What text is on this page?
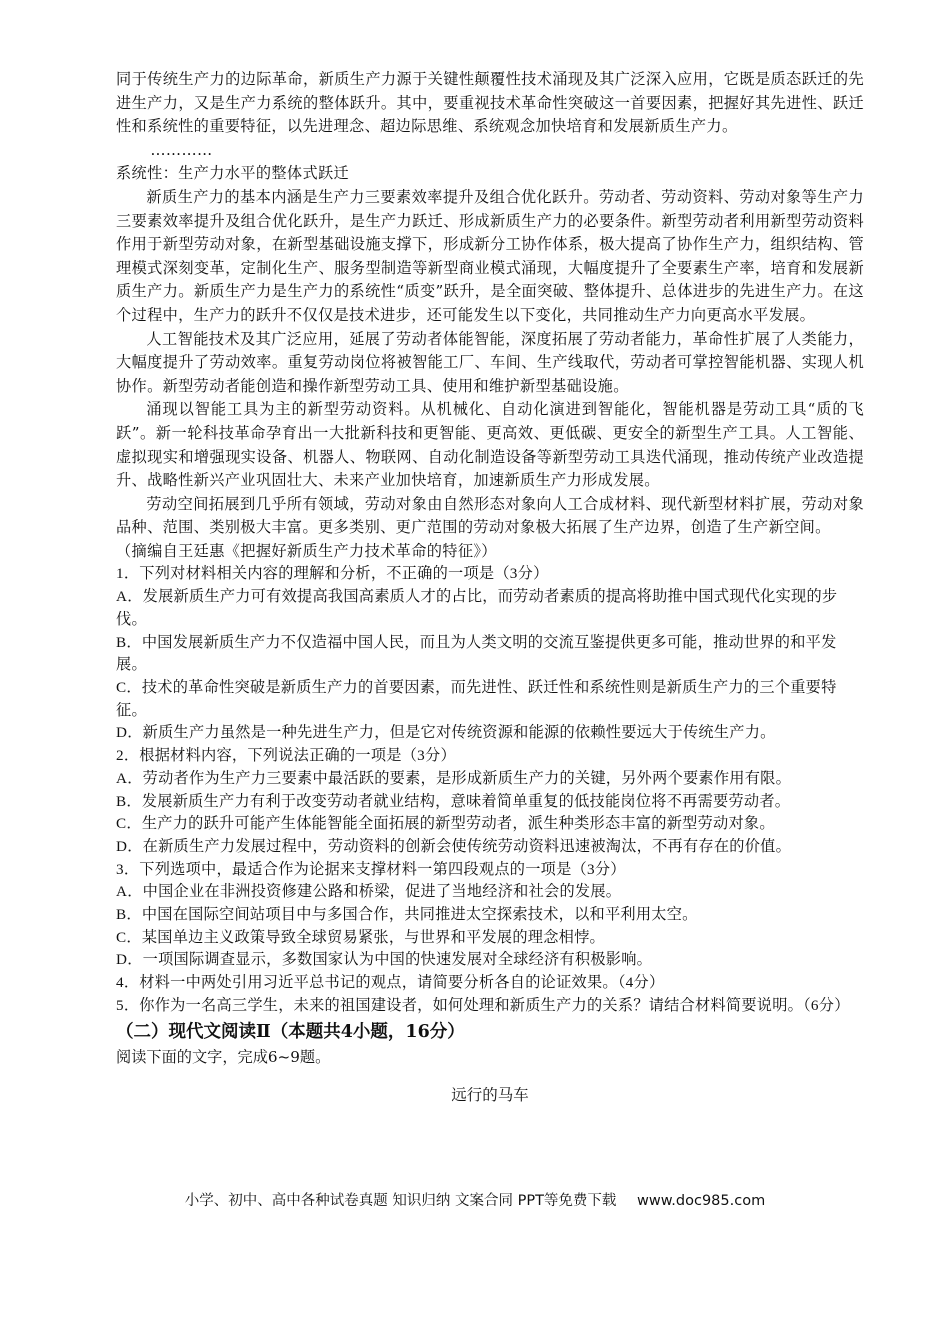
同于传统生产力的边际革命，新质生产力源于关键性颠覆性技术涌现及其广泛深入应用，它既是质态跃迁的先进生产力，又是生产力系统的整体跃升。其中，要重视技术革命性突破这一首要因素，把握好其先进性、跃迁性和系统性的重要特征，以先进理念、超边际思维、系统观念加快培育和发展新质生产力。

…………

系统性：生产力水平的整体式跃迁

新质生产力的基本内涵是生产力三要素效率提升及组合优化跃升。劳动者、劳动资料、劳动对象等生产力三要素效率提升及组合优化跃升，是生产力跃迁、形成新质生产力的必要条件。新型劳动者利用新型劳动资料作用于新型劳动对象，在新型基础设施支撑下，形成新分工协作体系，极大提高了协作生产力，组织结构、管理模式深刻变革，定制化生产、服务型制造等新型商业模式涌现，大幅度提升了全要素生产率，培育和发展新质生产力。新质生产力是生产力的系统性“质变”跃升，是全面突破、整体提升、总体进步的先进生产力。在这个过程中，生产力的跃升不仅仅是技术进步，还可能发生以下变化，共同推动生产力向更高水平发展。

人工智能技术及其广泛应用，延展了劳动者体能智能，深度拓展了劳动者能力，革命性扩展了人类能力，大幅度提升了劳动效率。重复劳动岗位将被智能工厂、车间、生产线取代，劳动者可掌控智能机器、实现人机协作。新型劳动者能创造和操作新型劳动工具、使用和维护新型基础设施。

涌现以智能工具为主的新型劳动资料。从机械化、自动化演进到智能化，智能机器是劳动工具“质的飞跃”。新一轮科技革命孕育出一大批新科技和更智能、更高效、更低碳、更安全的新型生产工具。人工智能、虚拟现实和增强现实设备、机器人、物联网、自动化制造设备等新型劳动工具迭代涌现，推动传统产业改造提升、战略性新兴产业巩固壮大、未来产业加快培育，加速新质生产力形成发展。

劳动空间拓展到几乎所有领域，劳动对象由自然形态对象向人工合成材料、现代新型材料扩展，劳动对象品种、范围、类别极大丰富。更多类别、更广范围的劳动对象极大拓展了生产边界，创造了生产新空间。

（摘编自王廷惠《把握好新质生产力技术革命的特征》）

1．下列对材料相关内容的理解和分析，不正确的一项是（3分）

A．发展新质生产力可有效提高我国高素质人才的占比，而劳动者素质的提高将助推中国式现代化实现的步伐。

B．中国发展新质生产力不仅造福中国人民，而且为人类文明的交流互鉴提供更多可能，推动世界的和平发展。

C．技术的革命性突破是新质生产力的首要因素，而先进性、跃迁性和系统性则是新质生产力的三个重要特征。

D．新质生产力虽然是一种先进生产力，但是它对传统资源和能源的依赖性要远大于传统生产力。

2．根据材料内容，下列说法正确的一项是（3分）

A．劳动者作为生产力三要素中最活跃的要素，是形成新质生产力的关键，另外两个要素作用有限。

B．发展新质生产力有利于改变劳动者就业结构，意味着简单重复的低技能岗位将不再需要劳动者。

C．生产力的跃升可能产生体能智能全面拓展的新型劳动者，派生种类形态丰富的新型劳动对象。

D．在新质生产力发展过程中，劳动资料的创新会使传统劳动资料迅速被淘汰，不再有存在的价值。

3．下列选项中，最适合作为论据来支撑材料一第四段观点的一项是（3分）

A．中国企业在非洲投资修建公路和桥梁，促进了当地经济和社会的发展。

B．中国在国际空间站项目中与多国合作，共同推进太空探索技术，以和平利用太空。

C．某国单边主义政策导致全球贸易紧张，与世界和平发展的理念相悖。

D．一项国际调查显示，多数国家认为中国的快速发展对全球经济有积极影响。

4．材料一中两处引用习近平总书记的观点，请简要分析各自的论证效果。（4分）

5．你作为一名高三学生，未来的祖国建设者，如何处理和新质生产力的关系？请结合材料简要说明。（6分）

（二）现代文阅读Ⅱ（本题共4小题，16分）

阅读下面的文字，完成6~9题。

远行的马车

小学、初中、高中各种试卷真题 知识归纳 文案合同 PPT等免费下载 www.doc985.com
